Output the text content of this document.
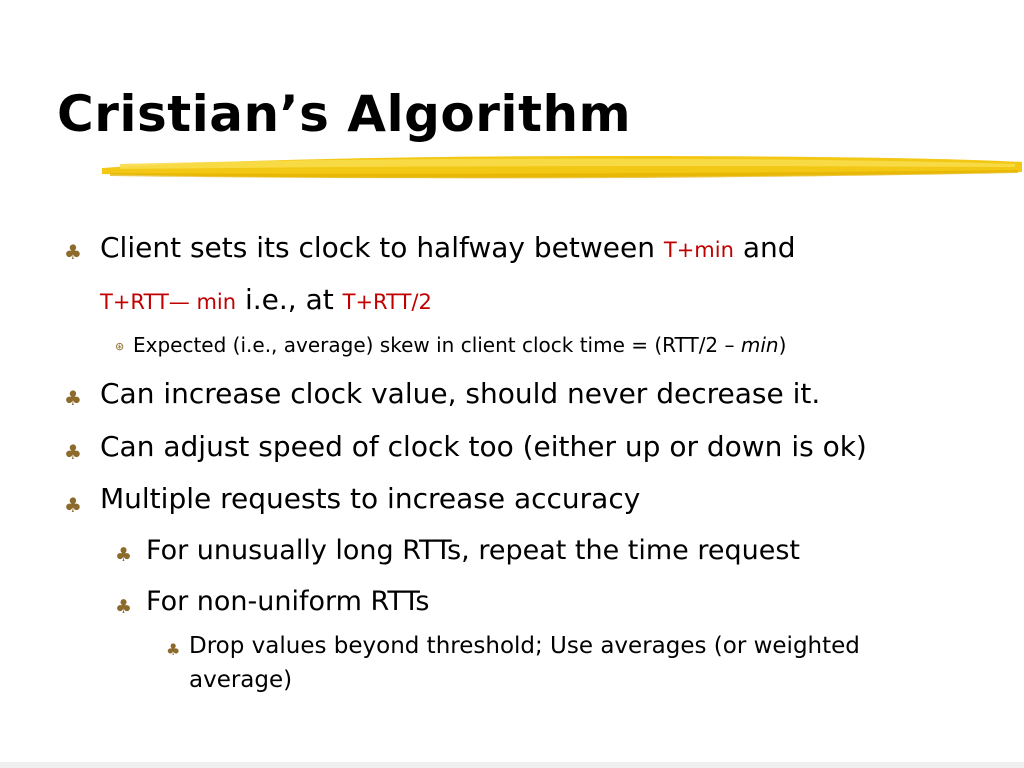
Cristian’s Algorithm
♣ Client sets its clock to halfway between T+min and
T+RTT— min i.e., at T+RTT/2
⊛ Expected (i.e., average) skew in client clock time = (RTT/2 – min)
♣ Can increase clock value, should never decrease it.
♣ Can adjust speed of clock too (either up or down is ok)
♣ Multiple requests to increase accuracy
♣ For unusually long RTTs, repeat the time request
♣ For non-uniform RTTs
♣ Drop values beyond threshold; Use averages (or weighted
average)
